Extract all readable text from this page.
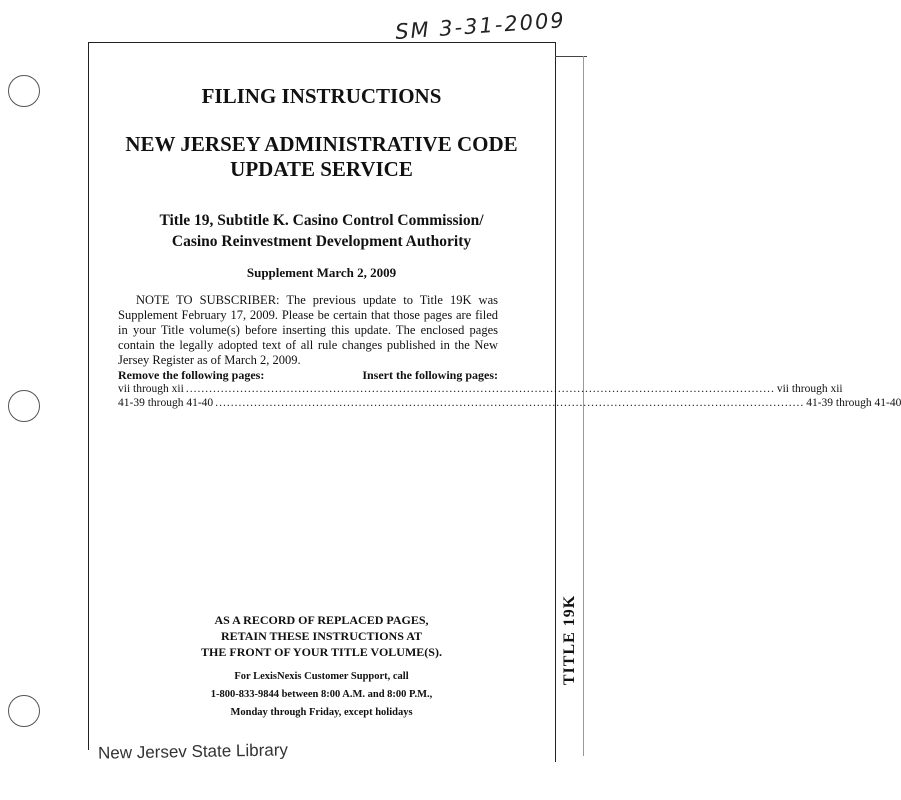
SM 3-31-2009
FILING INSTRUCTIONS
NEW JERSEY ADMINISTRATIVE CODE
UPDATE SERVICE
Title 19, Subtitle K. Casino Control Commission/
Casino Reinvestment Development Authority
Supplement March 2, 2009

NOTE TO SUBSCRIBER: The previous update to Title 19K was Supplement February 17, 2009. Please be certain that those pages are filed in your Title volume(s) before inserting this update. The enclosed pages contain the legally adopted text of all rule changes published in the New Jersey Register as of March 2, 2009.

Remove the following pages:	Insert the following pages:
vii through xii ........................................................................................................................................................ vii through xii
41-39 through 41-40 ........................................................................................................................................................ 41-39 through 41-40
AS A RECORD OF REPLACED PAGES,
RETAIN THESE INSTRUCTIONS AT
THE FRONT OF YOUR TITLE VOLUME(S).
For LexisNexis Customer Support, call
1-800-833-9844 between 8:00 A.M. and 8:00 P.M.,
Monday through Friday, except holidays
TITLE 19K
New Jersev State Library
